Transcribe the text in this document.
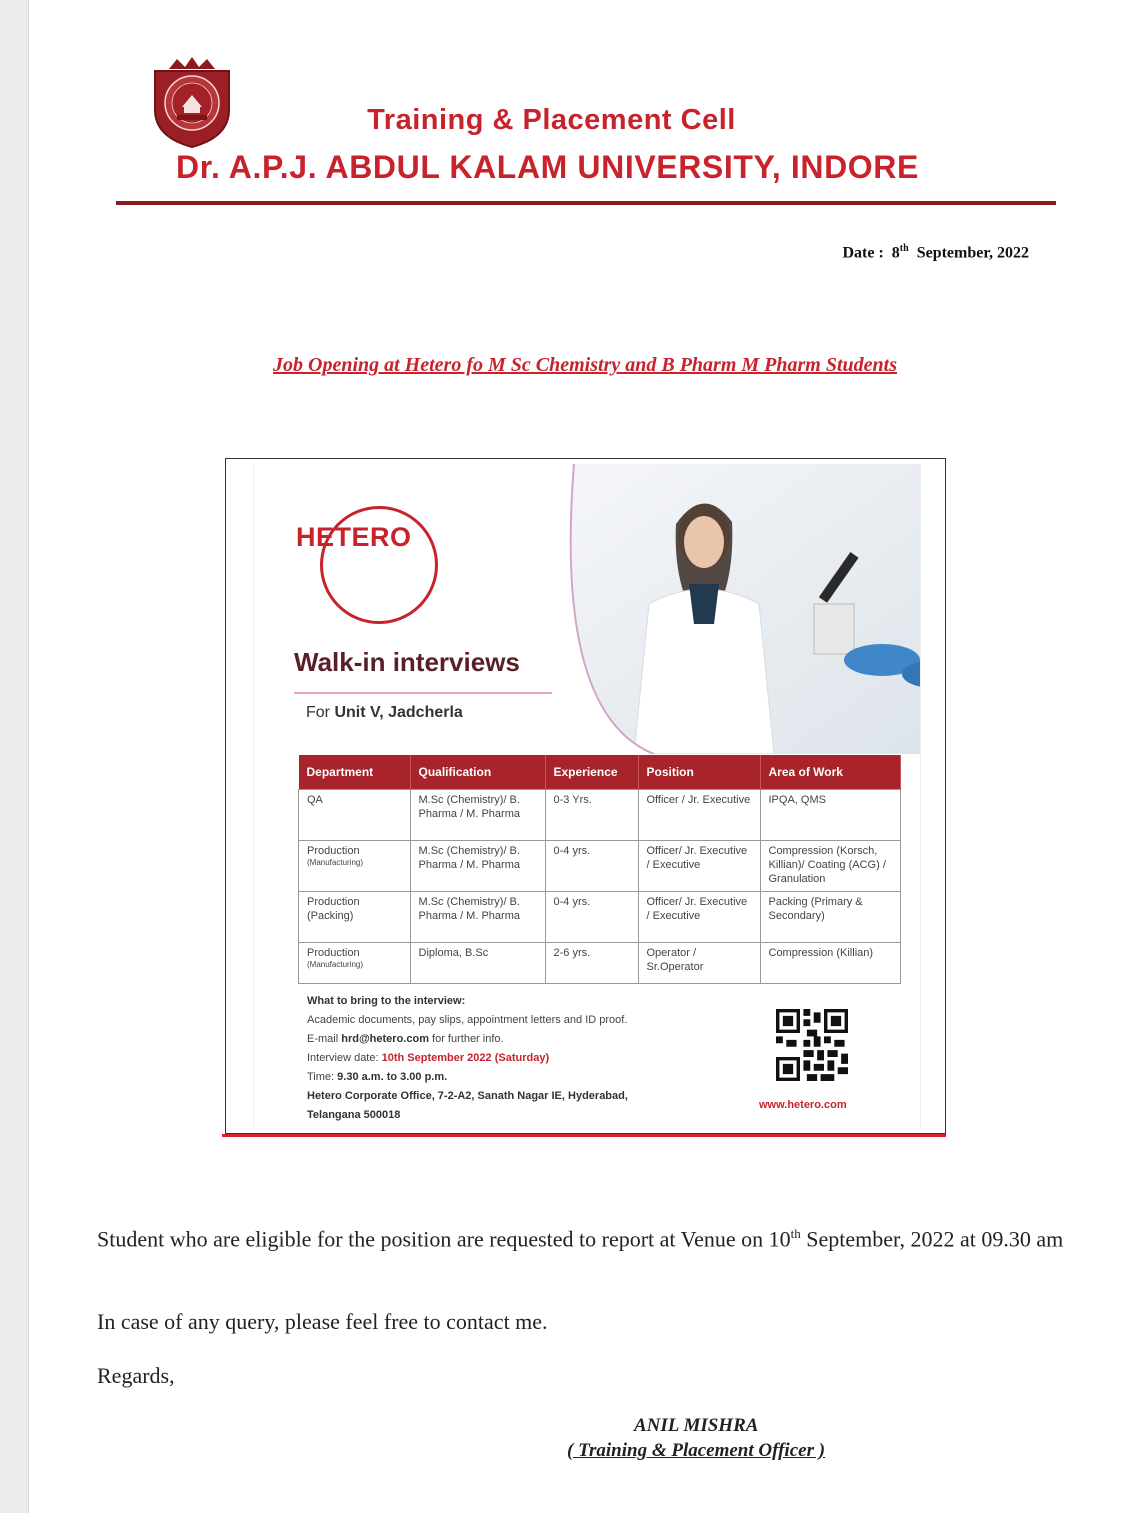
Training & Placement Cell
Dr. A.P.J. ABDUL KALAM UNIVERSITY, INDORE
Date : 8th September, 2022
Job Opening at Hetero fo M Sc Chemistry and B Pharm M Pharm Students
HETERO
Walk-in interviews
For Unit V, Jadcherla
Department	Qualification	Experience	Position	Area of Work
QA	M.Sc (Chemistry)/ B. Pharma / M. Pharma	0-3 Yrs.	Officer / Jr. Executive	IPQA, QMS
Production
(Manufacturing)	M.Sc (Chemistry)/ B. Pharma / M. Pharma	0-4 yrs.	Officer/ Jr. Executive / Executive	Compression (Korsch, Killian)/ Coating (ACG) / Granulation
Production
(Packing)	M.Sc (Chemistry)/ B. Pharma / M. Pharma	0-4 yrs.	Officer/ Jr. Executive / Executive	Packing (Primary & Secondary)
Production
(Manufacturing)	Diploma, B.Sc	2-6 yrs.	Operator / Sr.Operator	Compression (Killian)
What to bring to the interview:
Academic documents, pay slips, appointment letters and ID proof.
E-mail hrd@hetero.com for further info.
Interview date: 10th September 2022 (Saturday)
Time: 9.30 a.m. to 3.00 p.m.
Hetero Corporate Office, 7-2-A2, Sanath Nagar IE, Hyderabad,
Telangana 500018
www.hetero.com
Student who are eligible for the position are requested to report at Venue on 10th September, 2022 at 09.30 am
In case of any query, please feel free to contact me.
Regards,
ANIL MISHRA
( Training & Placement Officer )
